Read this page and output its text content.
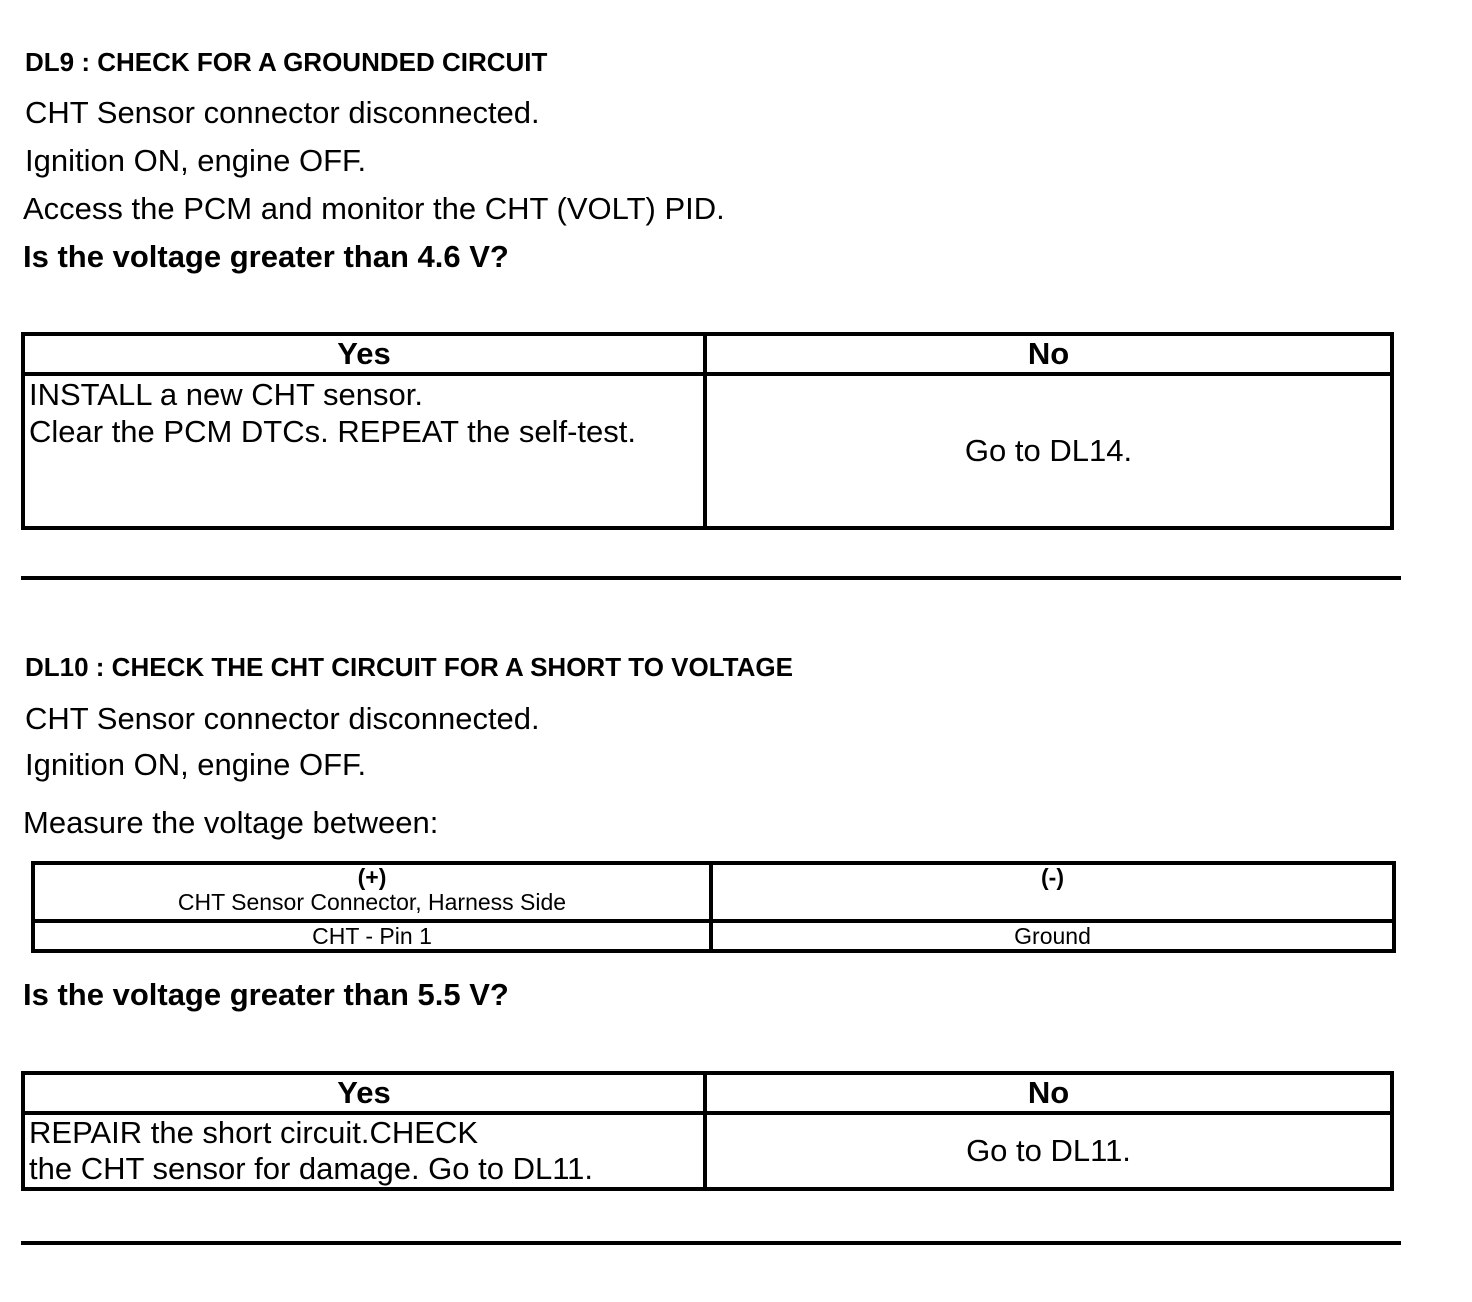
DL9 : CHECK FOR A GROUNDED CIRCUIT
CHT Sensor connector disconnected.
Ignition ON, engine OFF.
Access the PCM and monitor the CHT (VOLT) PID.
Is the voltage greater than 4.6 V?
Yes	No

INSTALL a new CHT sensor.
Clear the PCM DTCs. REPEAT the self-test.	Go to DL14.
DL10 : CHECK THE CHT CIRCUIT FOR A SHORT TO VOLTAGE
CHT Sensor connector disconnected.
Ignition ON, engine OFF.
Measure the voltage between:
(+)
CHT Sensor Connector, Harness Side	(-)

CHT - Pin 1	Ground
Is the voltage greater than 5.5 V?
Yes	No

REPAIR the short circuit.CHECK
the CHT sensor for damage. Go to DL11.	Go to DL11.
